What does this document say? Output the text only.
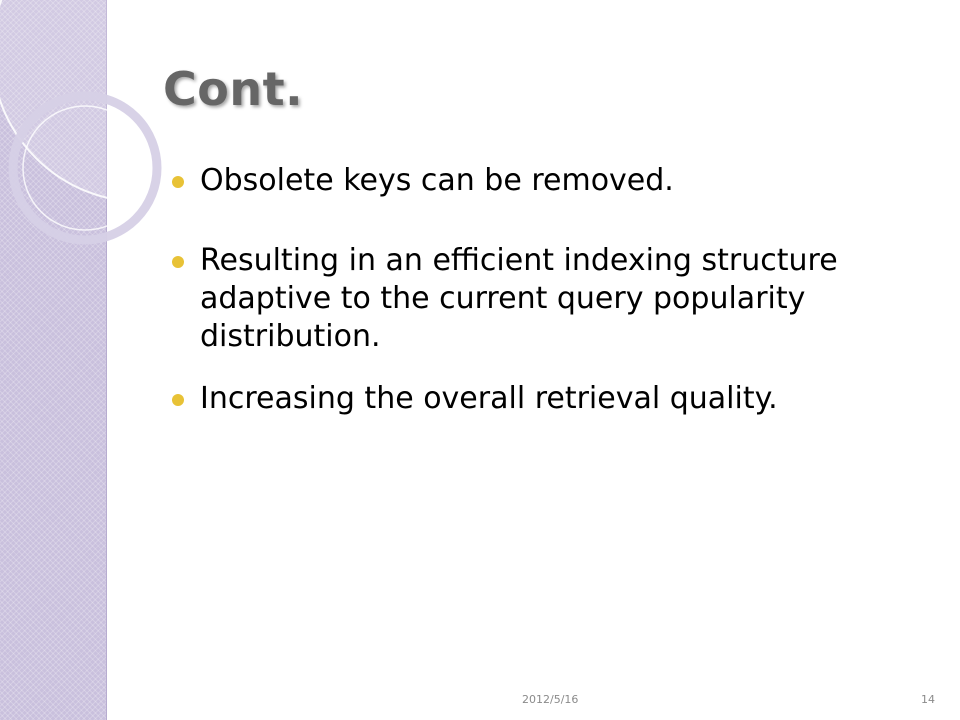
Cont.
Obsolete keys can be removed.
Resulting in an efficient indexing structure adaptive to the current query popularity distribution.
Increasing the overall retrieval quality.
2012/5/16	14
